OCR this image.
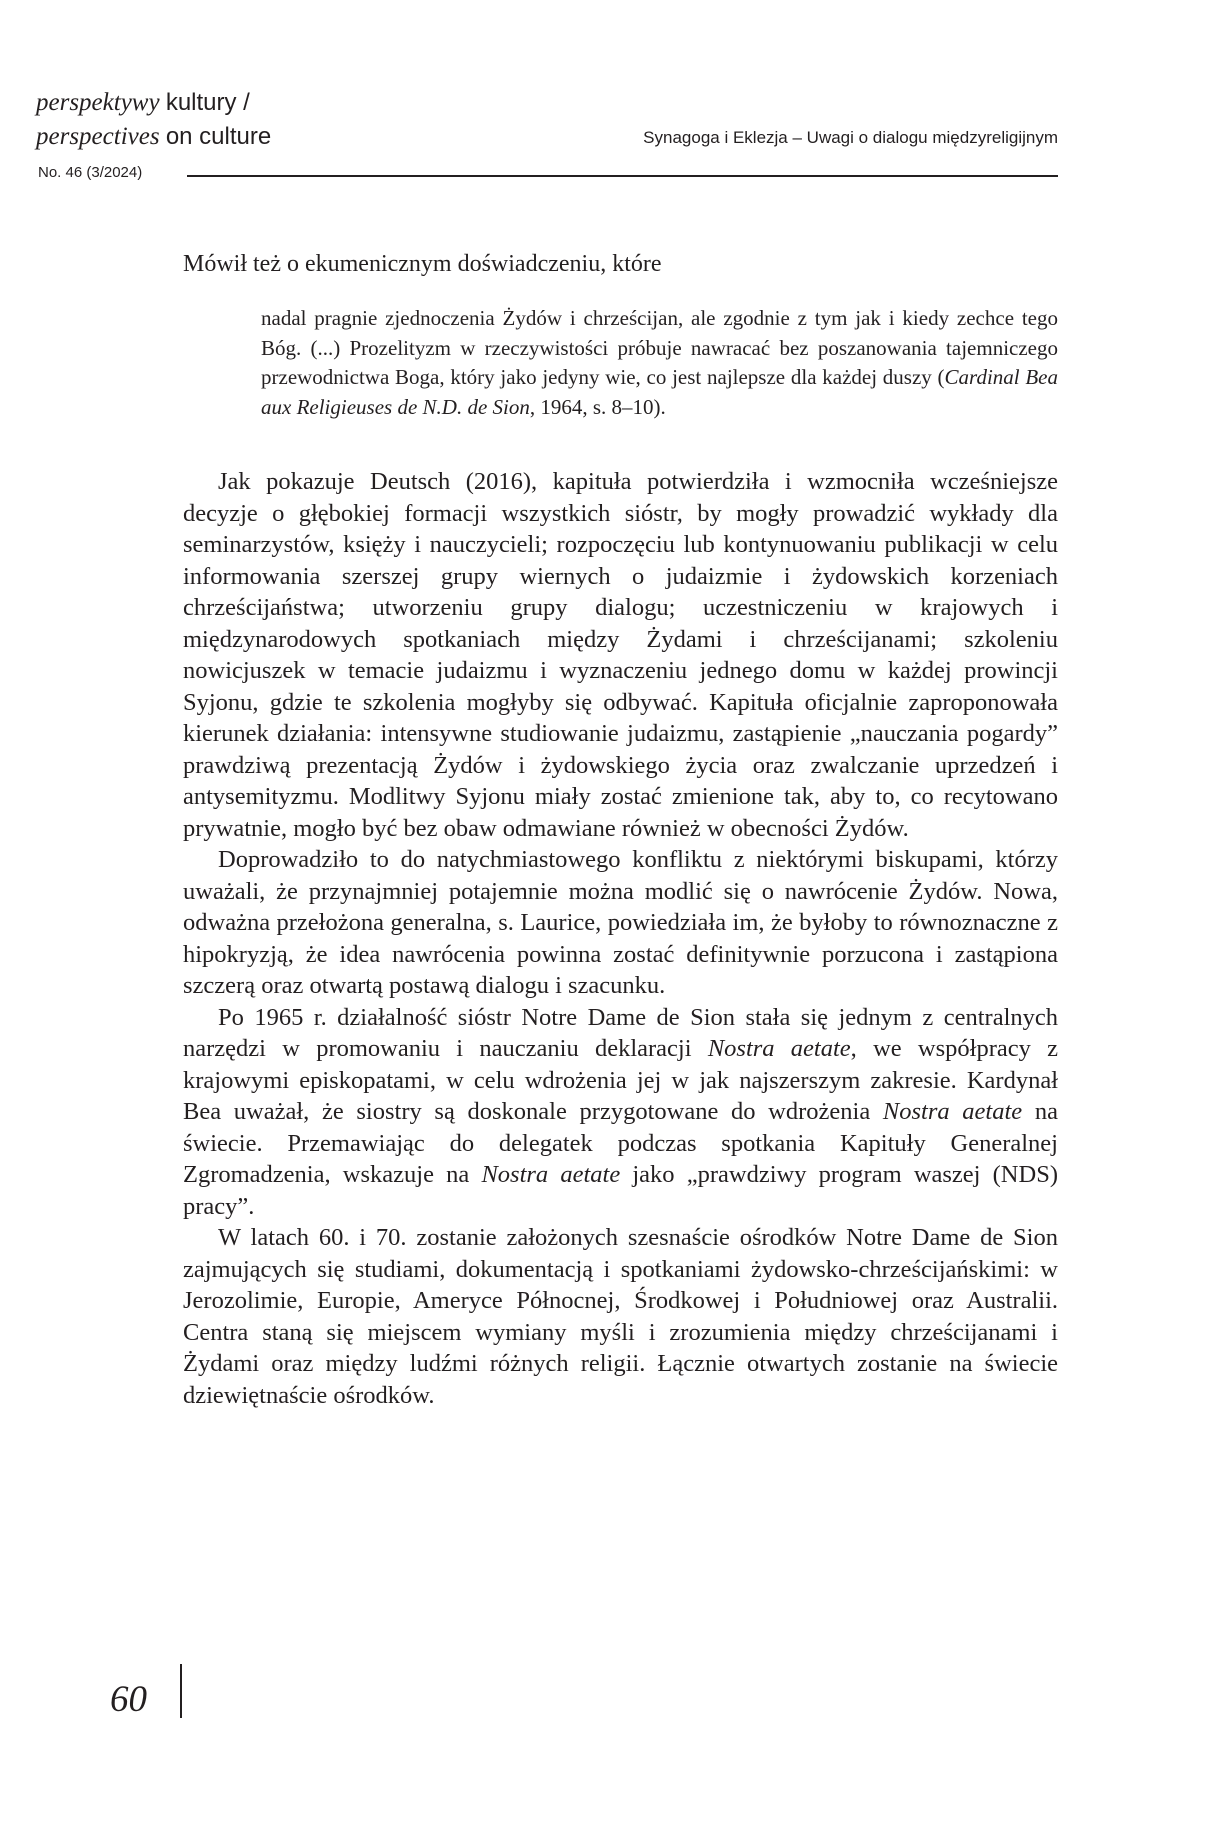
perspektywy kultury /
perspectives on culture
No. 46 (3/2024)
Synagoga i Eklezja – Uwagi o dialogu międzyreligijnym

Mówił też o ekumenicznym doświadczeniu, które

nadal pragnie zjednoczenia Żydów i chrześcijan, ale zgodnie z tym jak i kiedy zechce tego Bóg. (...) Prozelityzm w rzeczywistości próbuje nawracać bez poszanowania tajemniczego przewodnictwa Boga, który jako jedyny wie, co jest najlepsze dla każdej duszy (Cardinal Bea aux Religieuses de N.D. de Sion, 1964, s. 8–10).

Jak pokazuje Deutsch (2016), kapituła potwierdziła i wzmocniła wcześniejsze decyzje o głębokiej formacji wszystkich sióstr, by mogły prowadzić wykłady dla seminarzystów, księży i nauczycieli; rozpoczęciu lub kontynuowaniu publikacji w celu informowania szerszej grupy wiernych o judaizmie i żydowskich korzeniach chrześcijaństwa; utworzeniu grupy dialogu; uczestniczeniu w krajowych i międzynarodowych spotkaniach między Żydami i chrześcijanami; szkoleniu nowicjuszek w temacie judaizmu i wyznaczeniu jednego domu w każdej prowincji Syjonu, gdzie te szkolenia mogłyby się odbywać. Kapituła oficjalnie zaproponowała kierunek działania: intensywne studiowanie judaizmu, zastąpienie „nauczania pogardy” prawdziwą prezentacją Żydów i żydowskiego życia oraz zwalczanie uprzedzeń i antysemityzmu. Modlitwy Syjonu miały zostać zmienione tak, aby to, co recytowano prywatnie, mogło być bez obaw odmawiane również w obecności Żydów.

Doprowadziło to do natychmiastowego konfliktu z niektórymi biskupami, którzy uważali, że przynajmniej potajemnie można modlić się o nawrócenie Żydów. Nowa, odważna przełożona generalna, s. Laurice, powiedziała im, że byłoby to równoznaczne z hipokryzją, że idea nawrócenia powinna zostać definitywnie porzucona i zastąpiona szczerą oraz otwartą postawą dialogu i szacunku.

Po 1965 r. działalność sióstr Notre Dame de Sion stała się jednym z centralnych narzędzi w promowaniu i nauczaniu deklaracji Nostra aetate, we współpracy z krajowymi episkopatami, w celu wdrożenia jej w jak najszerszym zakresie. Kardynał Bea uważał, że siostry są doskonale przygotowane do wdrożenia Nostra aetate na świecie. Przemawiając do delegatek podczas spotkania Kapituły Generalnej Zgromadzenia, wskazuje na Nostra aetate jako „prawdziwy program waszej (NDS) pracy”.

W latach 60. i 70. zostanie założonych szesnaście ośrodków Notre Dame de Sion zajmujących się studiami, dokumentacją i spotkaniami żydowsko-chrześcijańskimi: w Jerozolimie, Europie, Ameryce Północnej, Środkowej i Południowej oraz Australii. Centra staną się miejscem wymiany myśli i zrozumienia między chrześcijanami i Żydami oraz między ludźmi różnych religii. Łącznie otwartych zostanie na świecie dziewiętnaście ośrodków.

60
